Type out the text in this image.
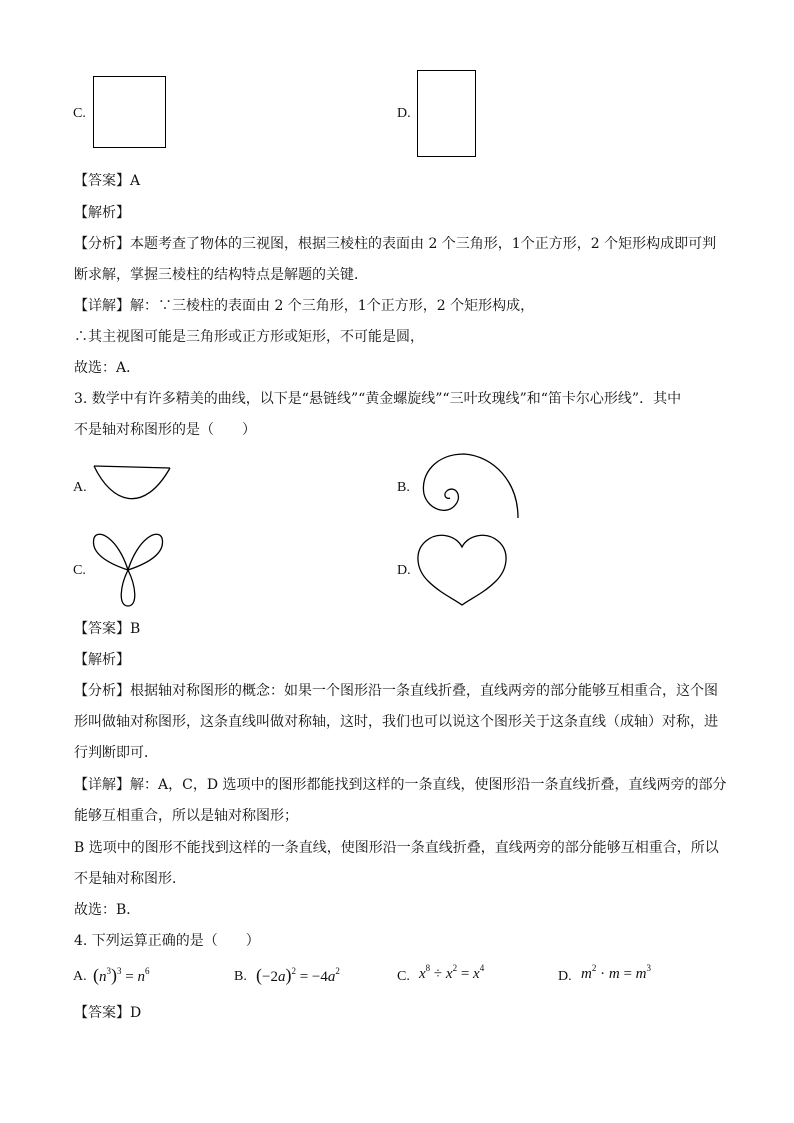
C.	D.
【答案】A
【解析】
【分析】本题考查了物体的三视图，根据三棱柱的表面由 2 个三角形，1个正方形，2 个矩形构成即可判
断求解，掌握三棱柱的结构特点是解题的关键．
【详解】解：∵三棱柱的表面由 2 个三角形，1个正方形，2 个矩形构成，
∴其主视图可能是三角形或正方形或矩形，不可能是圆，
故选：A．
3. 数学中有许多精美的曲线，以下是“悬链线”“黄金螺旋线”“三叶玫瑰线”和“笛卡尔心形线”．其中
不是轴对称图形的是（　　）
A.	B.
C.	D.
【答案】B
【解析】
【分析】根据轴对称图形的概念：如果一个图形沿一条直线折叠，直线两旁的部分能够互相重合，这个图
形叫做轴对称图形，这条直线叫做对称轴，这时，我们也可以说这个图形关于这条直线（成轴）对称，进
行判断即可．
【详解】解：A，C，D 选项中的图形都能找到这样的一条直线，使图形沿一条直线折叠，直线两旁的部分
能够互相重合，所以是轴对称图形；
B 选项中的图形不能找到这样的一条直线，使图形沿一条直线折叠，直线两旁的部分能够互相重合，所以
不是轴对称图形．
故选：B．
4. 下列运算正确的是（　　）
A. $(n^3)^3 = n^6$	B. $(-2a)^2 = -4a^2$	C. $x^8 \div x^2 = x^4$
D. $m^2 \cdot m = m^3$
【答案】D
